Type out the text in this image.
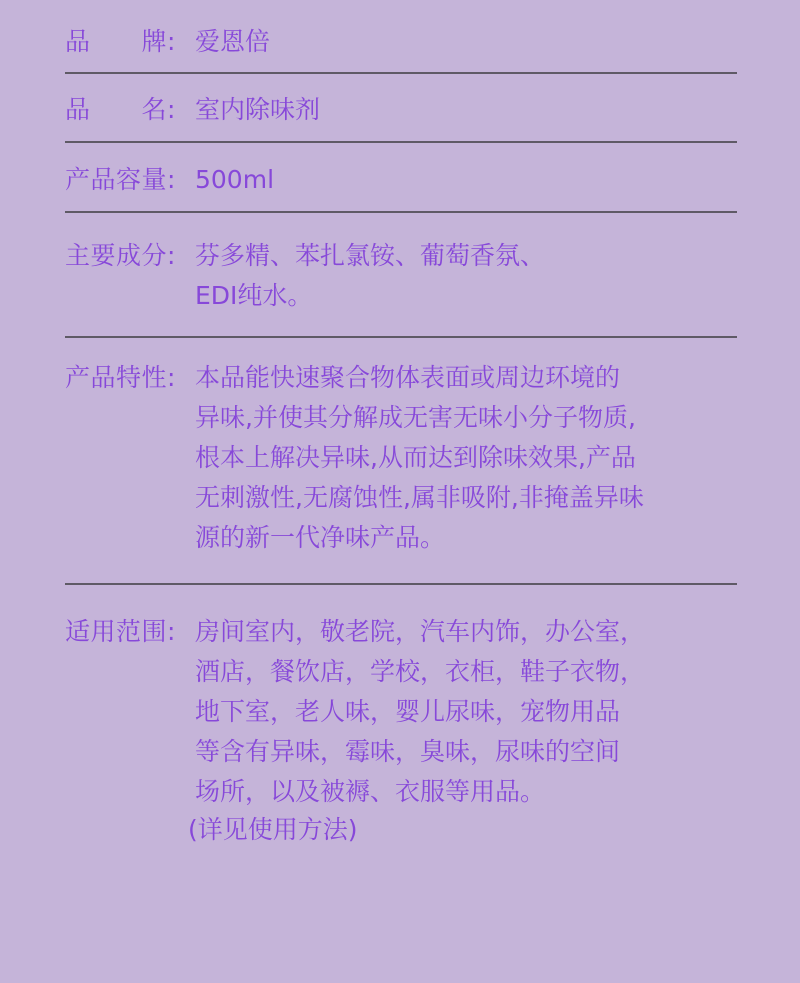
品　　牌: 爱恩倍
品　　名: 室内除味剂
产品容量: 500ml
主要成分: 芬多精、苯扎氯铵、葡萄香氛、
EDI纯水。
产品特性: 本品能快速聚合物体表面或周边环境的
异味,并使其分解成无害无味小分子物质,
根本上解决异味,从而达到除味效果,产品
无刺激性,无腐蚀性,属非吸附,非掩盖异味
源的新一代净味产品。
适用范围: 房间室内，敬老院，汽车内饰，办公室，
酒店，餐饮店，学校，衣柜，鞋子衣物，
地下室，老人味，婴儿尿味，宠物用品
等含有异味，霉味，臭味，尿味的空间
场所，以及被褥、衣服等用品。
(详见使用方法)
